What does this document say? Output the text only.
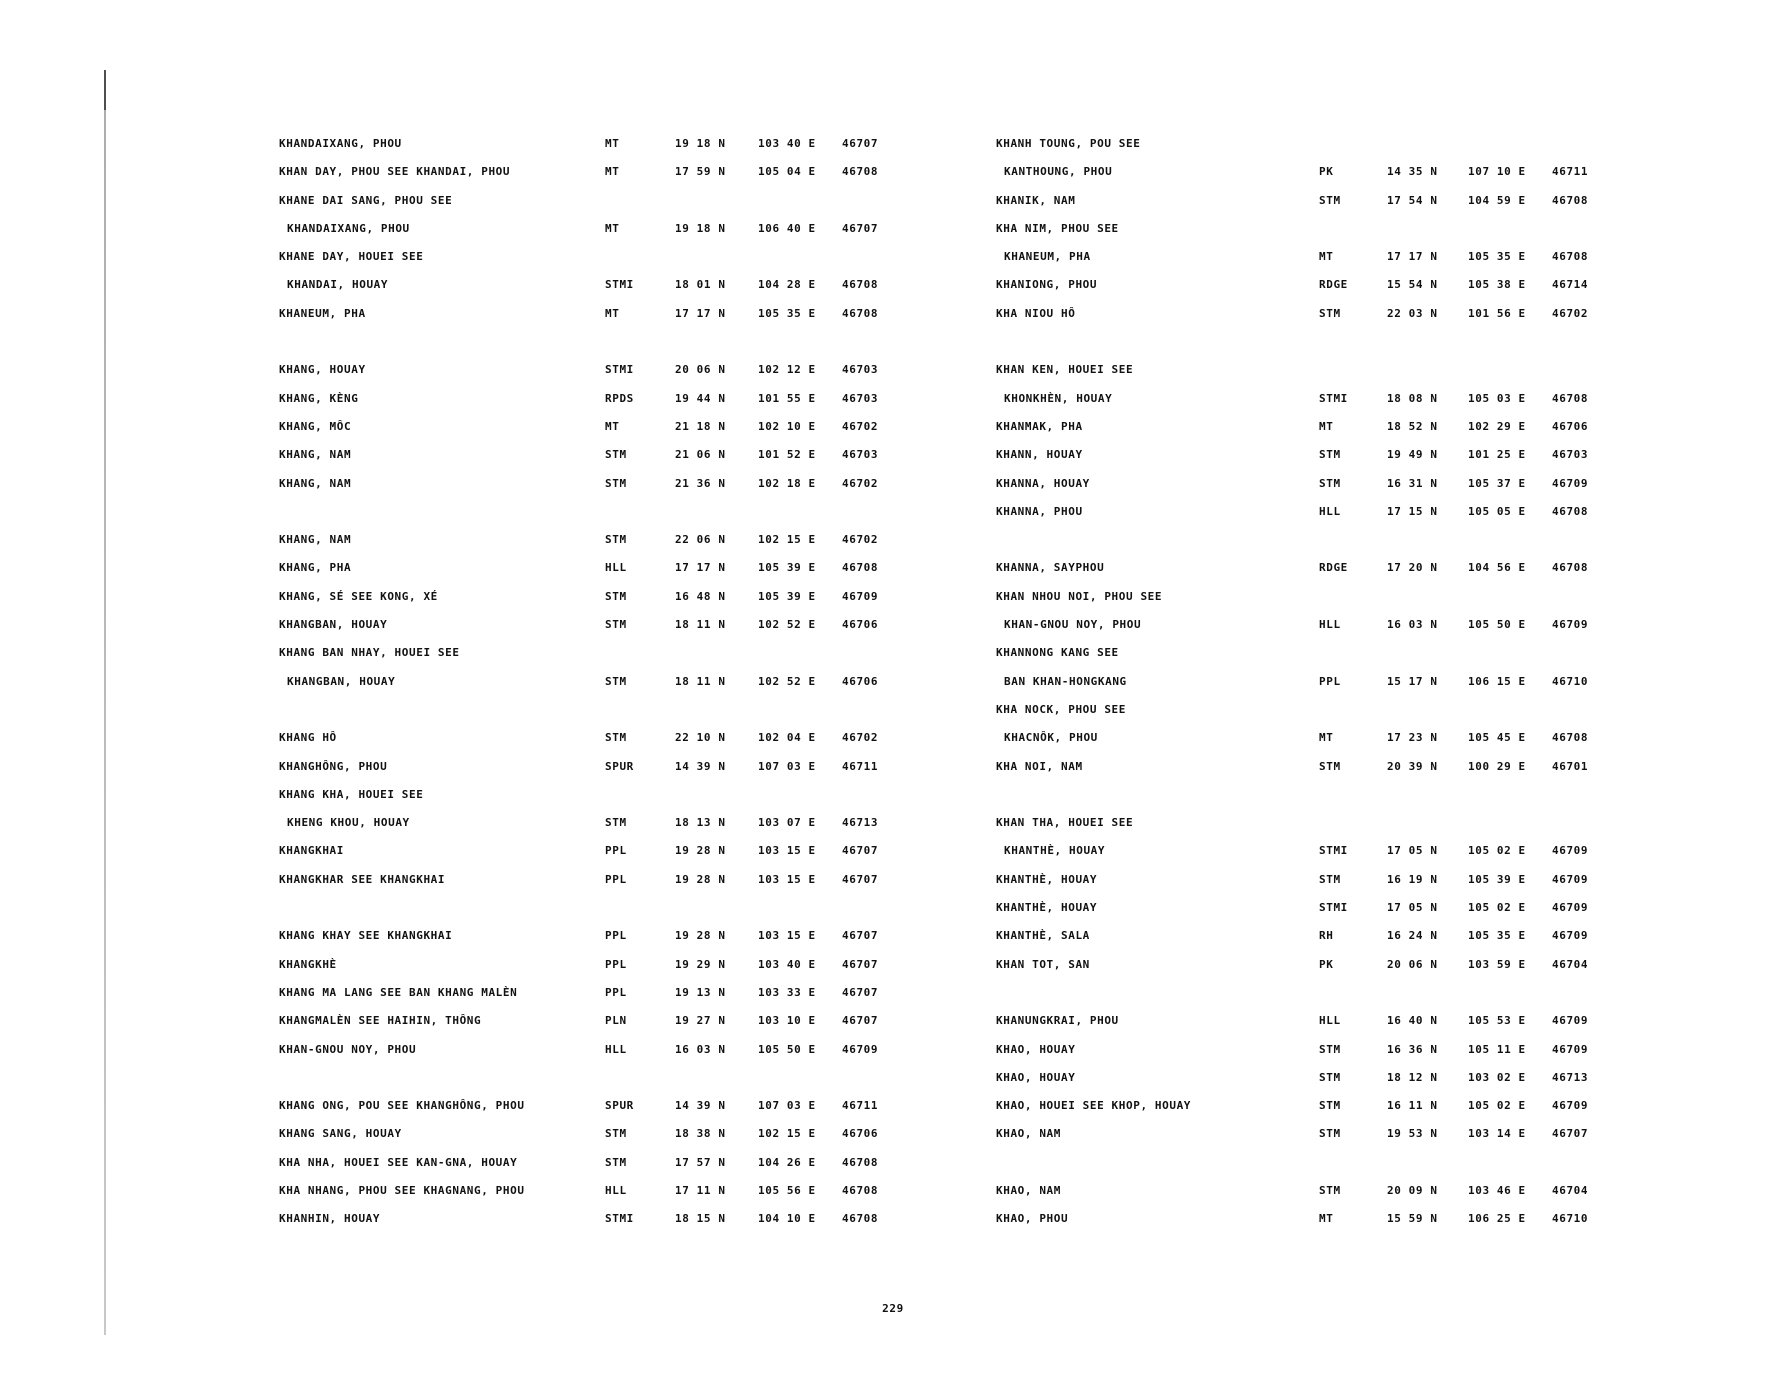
KHANDAIXANG, PHOU	MT	19 18 N	103 40 E 46707
KHAN DAY, PHOU SEE KHANDAI, PHOU	MT	17 59 N	105 04 E 46708
KHANE DAI SANG, PHOU SEE
KHANDAIXANG, PHOU	MT	19 18 N	106 40 E 46707
KHANE DAY, HOUEI SEE
KHANDAI, HOUAY	STMI	18 01 N	104 28 E 46708
KHANEUM, PHA	MT	17 17 N	105 35 E 46708
KHANG, HOUAY	STMI	20 06 N	102 12 E 46703
KHANG, KÈNG	RPDS	19 44 N	101 55 E 46703
KHANG, MÔC	MT	21 18 N	102 10 E 46702
KHANG, NAM	STM	21 06 N	101 52 E 46703
KHANG, NAM	STM	21 36 N	102 18 E 46702
KHANG, NAM	STM	22 06 N	102 15 E 46702
KHANG, PHA	HLL	17 17 N	105 39 E 46708
KHANG, SÉ SEE KONG, XÉ	STM	16 48 N	105 39 E 46709
KHANGBAN, HOUAY	STM	18 11 N	102 52 E 46706
KHANG BAN NHAY, HOUEI SEE
KHANGBAN, HOUAY	STM	18 11 N	102 52 E 46706
KHANG HÔ	STM	22 10 N	102 04 E 46702
KHANGHÔNG, PHOU	SPUR	14 39 N	107 03 E 46711
KHANG KHA, HOUEI SEE
KHENG KHOU, HOUAY	STM	18 13 N	103 07 E 46713
KHANGKHAI	PPL	19 28 N	103 15 E 46707
KHANGKHAR SEE KHANGKHAI	PPL	19 28 N	103 15 E 46707
KHANG KHAY SEE KHANGKHAI	PPL	19 28 N	103 15 E 46707
KHANGKHÈ	PPL	19 29 N	103 40 E 46707
KHANG MA LANG SEE BAN KHANG MALÈN	PPL	19 13 N	103 33 E 46707
KHANGMALÈN SEE HAIHIN, THÔNG	PLN	19 27 N	103 10 E 46707
KHAN-GNOU NOY, PHOU	HLL	16 03 N	105 50 E 46709
KHANG ONG, POU SEE KHANGHÔNG, PHOU	SPUR	14 39 N	107 03 E 46711
KHANG SANG, HOUAY	STM	18 38 N	102 15 E 46706
KHA NHA, HOUEI SEE KAN-GNA, HOUAY	STM	17 57 N	104 26 E 46708
KHA NHANG, PHOU SEE KHAGNANG, PHOU	HLL	17 11 N	105 56 E 46708
KHANHIN, HOUAY	STMI	18 15 N	104 10 E 46708
KHANH TOUNG, POU SEE
KANTHOUNG, PHOU	PK	14 35 N	107 10 E 46711
KHANIK, NAM	STM	17 54 N	104 59 E 46708
KHA NIM, PHOU SEE
KHANEUM, PHA	MT	17 17 N	105 35 E 46708
KHANIONG, PHOU	RDGE	15 54 N	105 38 E 46714
KHA NIOU HÔ	STM	22 03 N	101 56 E 46702
KHAN KEN, HOUEI SEE
KHONKHÈN, HOUAY	STMI	18 08 N	105 03 E 46708
KHANMAK, PHA	MT	18 52 N	102 29 E 46706
KHANN, HOUAY	STM	19 49 N	101 25 E 46703
KHANNA, HOUAY	STM	16 31 N	105 37 E 46709
KHANNA, PHOU	HLL	17 15 N	105 05 E 46708
KHANNA, SAYPHOU	RDGE	17 20 N	104 56 E 46708
KHAN NHOU NOI, PHOU SEE
KHAN-GNOU NOY, PHOU	HLL	16 03 N	105 50 E 46709
KHANNONG KANG SEE
BAN KHAN-HONGKANG	PPL	15 17 N	106 15 E 46710
KHA NOCK, PHOU SEE
KHACNÔK, PHOU	MT	17 23 N	105 45 E 46708
KHA NOI, NAM	STM	20 39 N	100 29 E 46701
KHAN THA, HOUEI SEE
KHANTHÈ, HOUAY	STMI	17 05 N	105 02 E 46709
KHANTHÈ, HOUAY	STM	16 19 N	105 39 E 46709
KHANTHÈ, HOUAY	STMI	17 05 N	105 02 E 46709
KHANTHÈ, SALA	RH	16 24 N	105 35 E 46709
KHAN TOT, SAN	PK	20 06 N	103 59 E 46704
KHANUNGKRAI, PHOU	HLL	16 40 N	105 53 E 46709
KHAO, HOUAY	STM	16 36 N	105 11 E 46709
KHAO, HOUAY	STM	18 12 N	103 02 E 46713
KHAO, HOUEI SEE KHOP, HOUAY	STM	16 11 N	105 02 E 46709
KHAO, NAM	STM	19 53 N	103 14 E 46707
KHAO, NAM	STM	20 09 N	103 46 E 46704
KHAO, PHOU	MT	15 59 N	106 25 E 46710
229
